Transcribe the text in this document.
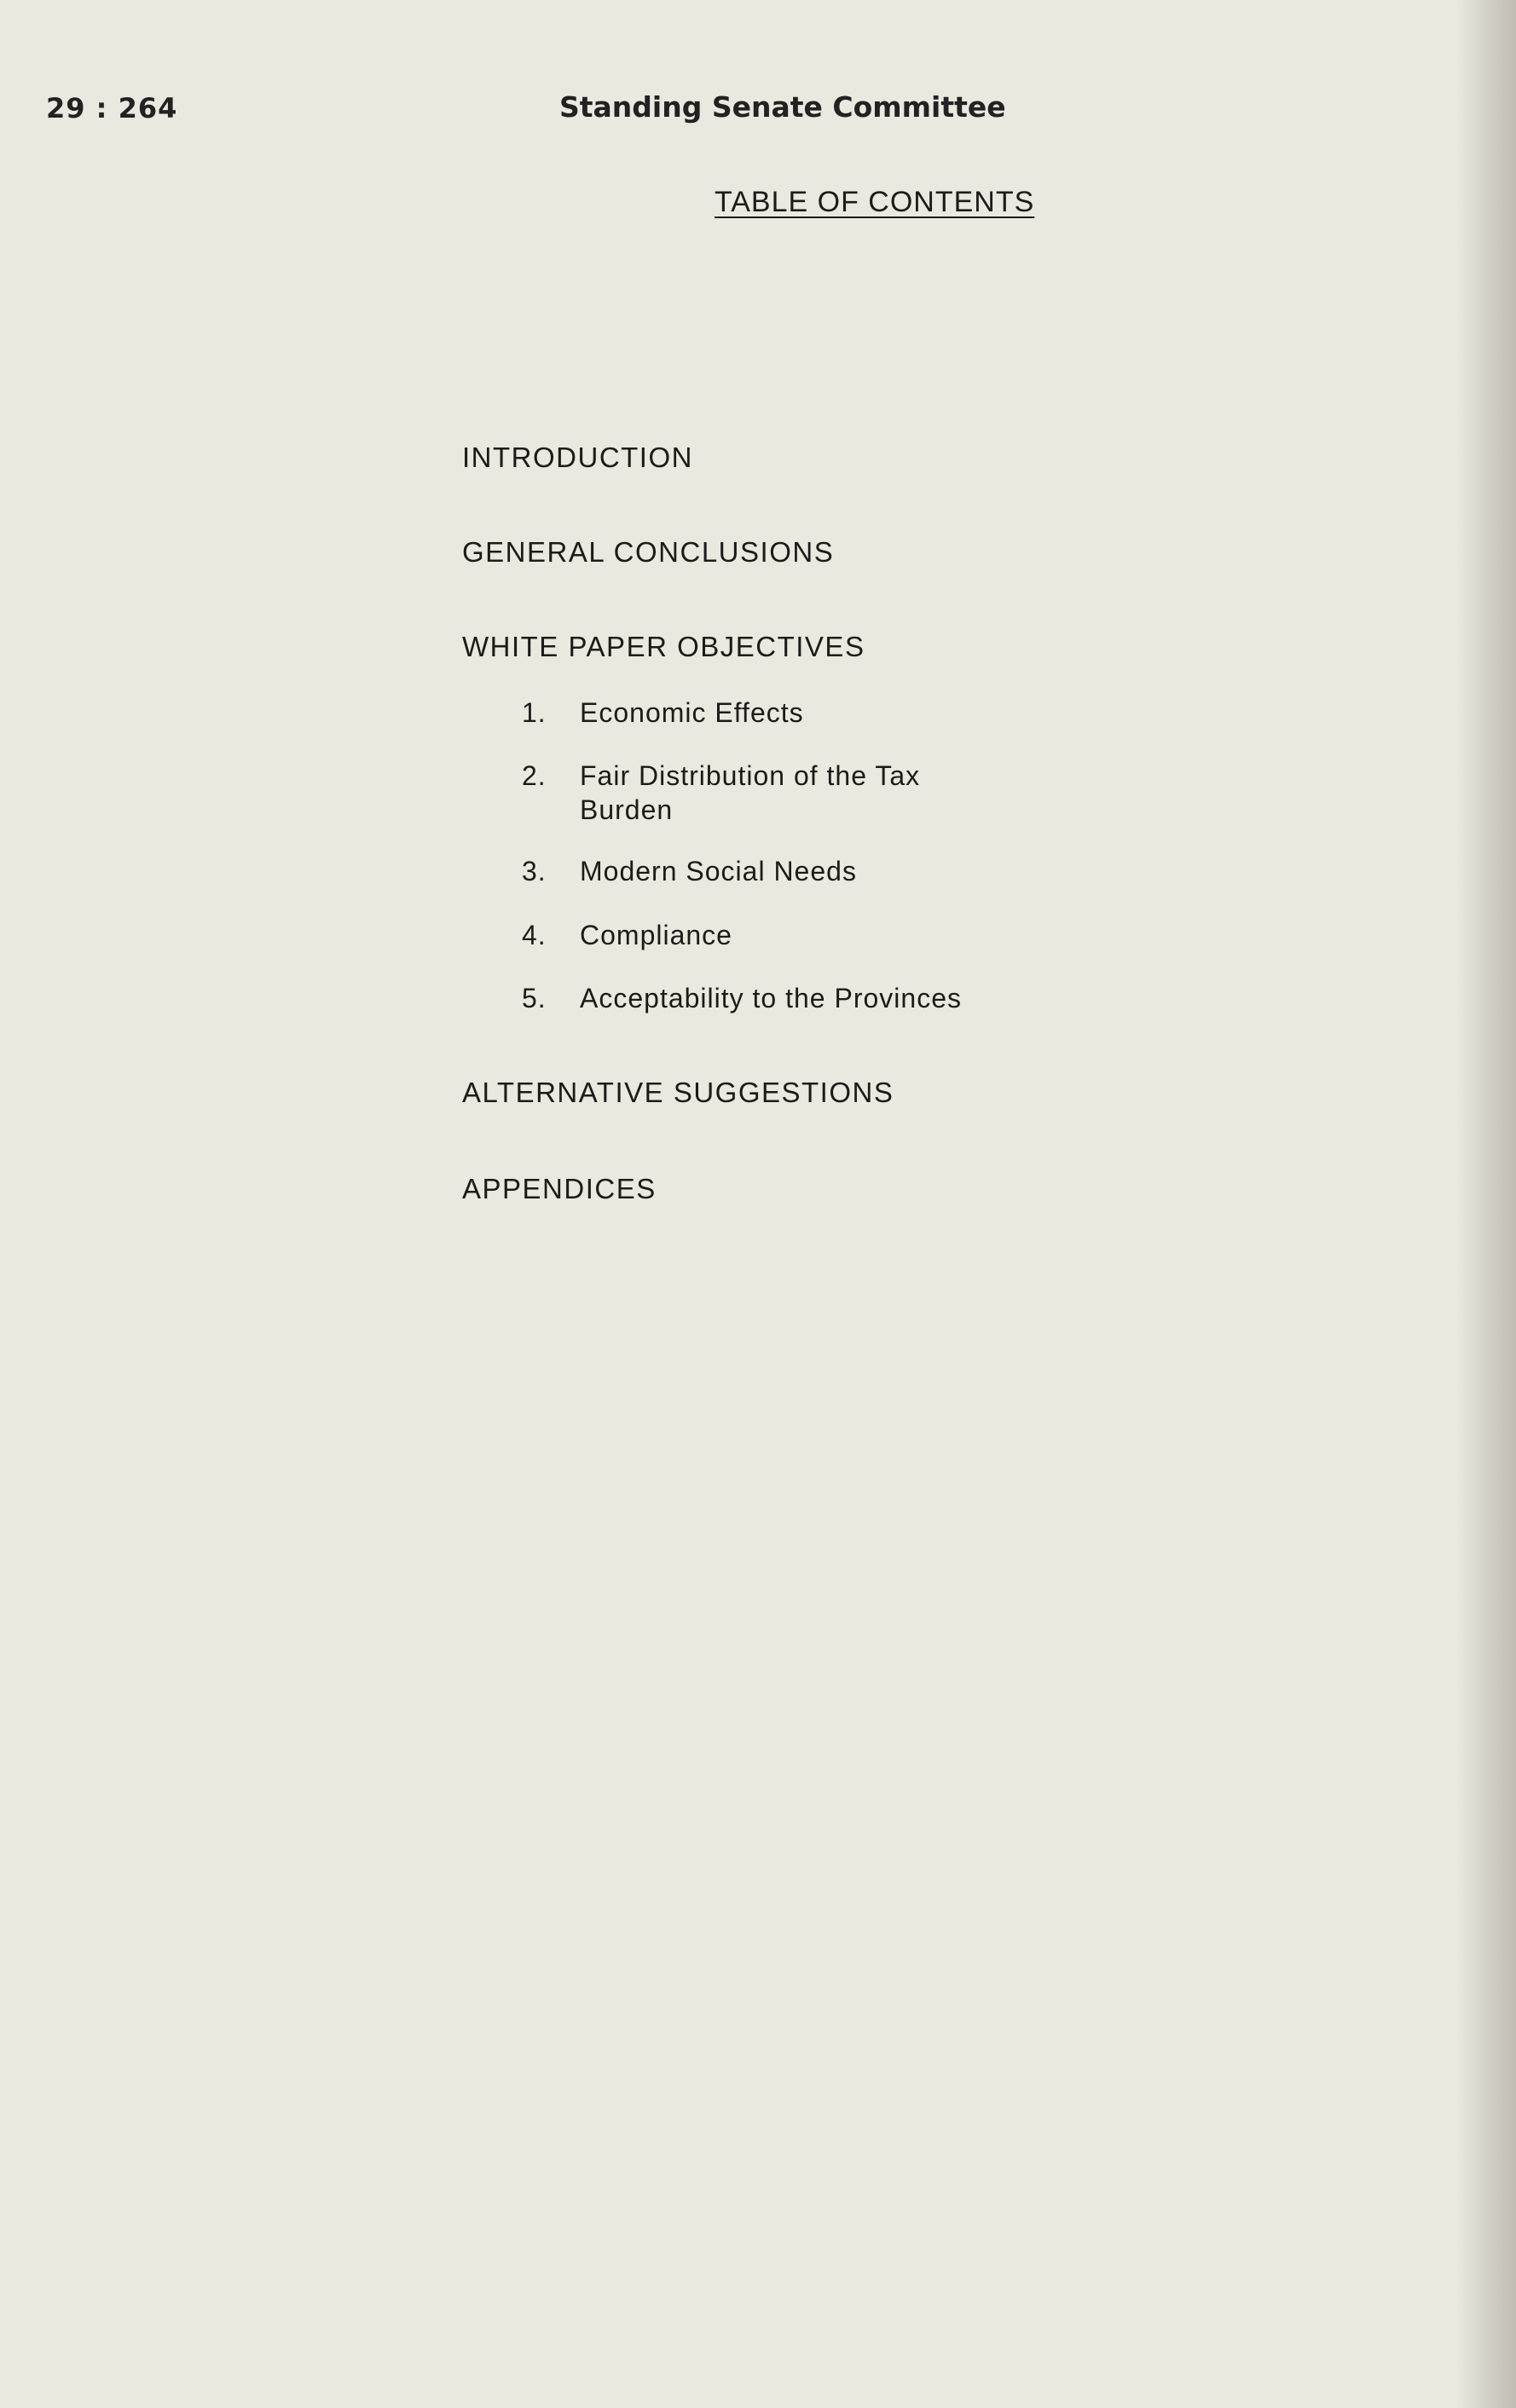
29 : 264	Standing Senate Committee
TABLE OF CONTENTS
INTRODUCTION
GENERAL CONCLUSIONS
WHITE PAPER OBJECTIVES
1. Economic Effects
2. Fair Distribution of the Tax
Burden
3. Modern Social Needs
4. Compliance
5. Acceptability to the Provinces
ALTERNATIVE SUGGESTIONS
APPENDICES
